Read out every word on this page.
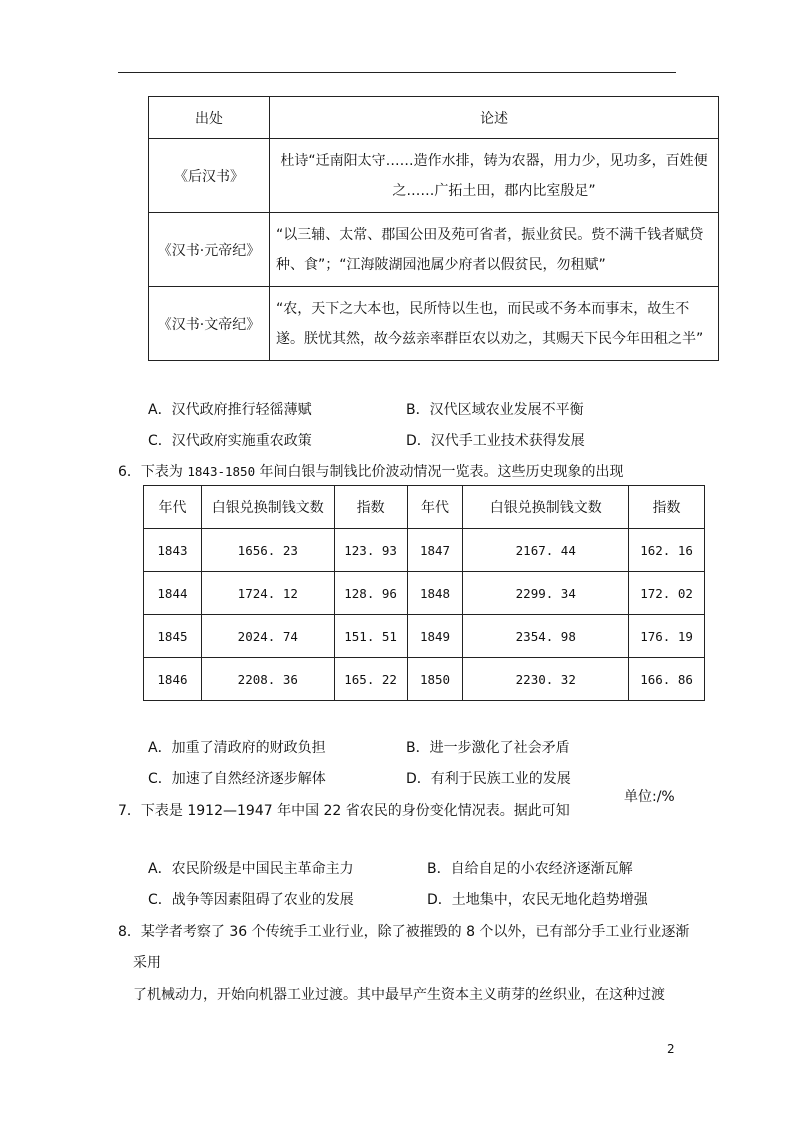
出处	论述
《后汉书》	杜诗“迁南阳太守……造作水排，铸为农器，用力少，见功多，百姓便之……广拓土田，郡内比室殷足”
《汉书·元帝纪》	“以三辅、太常、郡国公田及苑可省者，振业贫民。赀不满千钱者赋贷种、食”；“江海陂湖园池属少府者以假贫民，勿租赋”
《汉书·文帝纪》	“农，天下之大本也，民所恃以生也，而民或不务本而事末，故生不遂。朕忧其然，故今兹亲率群臣农以劝之，其赐天下民今年田租之半”
A．汉代政府推行轻徭薄赋	B．汉代区域农业发展不平衡
C．汉代政府实施重农政策	D．汉代手工业技术获得发展
6．下表为 1843-1850 年间白银与制钱比价波动情况一览表。这些历史现象的出现
年代	白银兑换制钱文数	指数	年代	白银兑换制钱文数	指数
1843	1656. 23	123. 93	1847	2167. 44	162. 16
1844	1724. 12	128. 96	1848	2299. 34	172. 02
1845	2024. 74	151. 51	1849	2354. 98	176. 19
1846	2208. 36	165. 22	1850	2230. 32	166. 86
A．加重了清政府的财政负担	B．进一步激化了社会矛盾
C．加速了自然经济逐步解体	D．有利于民族工业的发展
单位:/%
7．下表是 1912—1947 年中国 22 省农民的身份变化情况表。据此可知
A．农民阶级是中国民主革命主力	B．自给自足的小农经济逐渐瓦解
C．战争等因素阻碍了农业的发展	D．土地集中，农民无地化趋势增强
8．某学者考察了 36 个传统手工业行业，除了被摧毁的 8 个以外，已有部分手工业行业逐渐
采用
了机械动力，开始向机器工业过渡。其中最早产生资本主义萌芽的丝织业，在这种过渡
2
